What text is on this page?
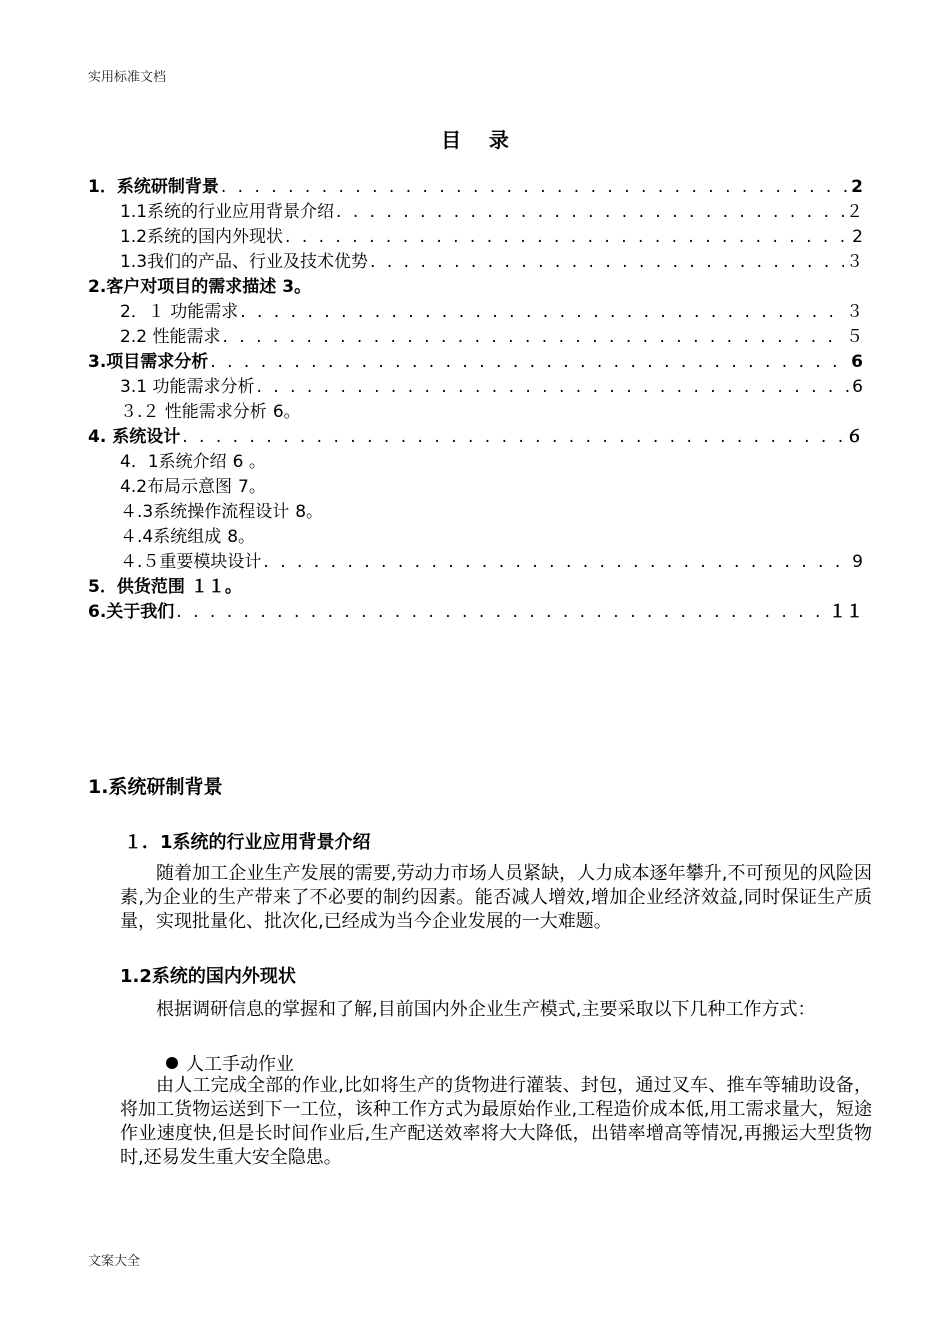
实用标准文档
目    录
1．系统研制背景 . . .	2
1.1系统的行业应用背景介绍 . . .	２
1.2系统的国内外现状 . . .	2
1.3我们的产品、行业及技术优势 . . .	３
2.客户对项目的需求描述 3。
2．１ 功能需求 . . .	３
2.2 性能需求 . . .	５
3.项目需求分析 . . .	6
3.1 功能需求分析 . . .	6
３.２ 性能需求分析 6。
4. 系统设计 . . .	６
4．1系统介绍 6 。
4.2布局示意图 7。
４.3系统操作流程设计 8。
４.4系统组成 8。
４.５重要模块设计 . . .	9
5．供货范围 １１。
6.关于我们 . . .	１１
1.系统研制背景
１．1系统的行业应用背景介绍
随着加工企业生产发展的需要,劳动力市场人员紧缺，人力成本逐年攀升,不可预见的风险因素,为企业的生产带来了不必要的制约因素。能否减人增效,增加企业经济效益,同时保证生产质量，实现批量化、批次化,已经成为当今企业发展的一大难题。
1.2系统的国内外现状
根据调研信息的掌握和了解,目前国内外企业生产模式,主要采取以下几种工作方式：
人工手动作业
由人工完成全部的作业,比如将生产的货物进行灌装、封包，通过叉车、推车等辅助设备，将加工货物运送到下一工位，该种工作方式为最原始作业,工程造价成本低,用工需求量大，短途作业速度快,但是长时间作业后,生产配送效率将大大降低，出错率增高等情况,再搬运大型货物时,还易发生重大安全隐患。
文案大全
